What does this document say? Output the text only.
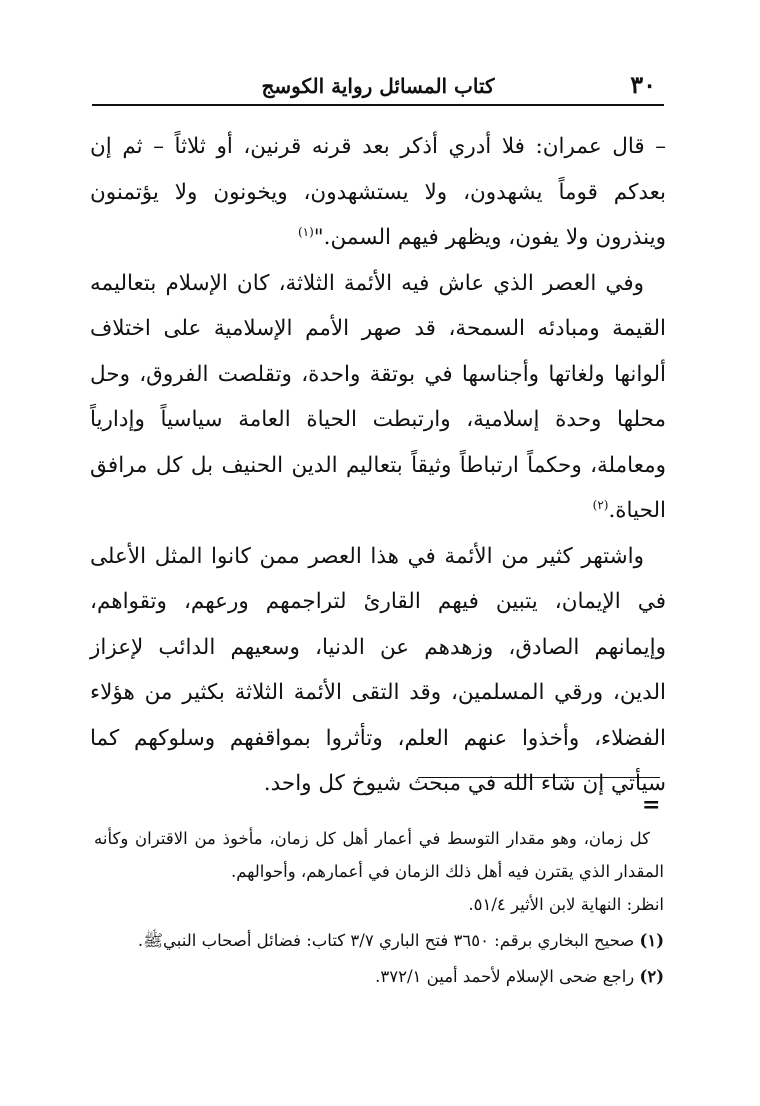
٣٠
كتاب المسائل رواية الكوسج

– قال عمران: فلا أدري أذكر بعد قرنه قرنين، أو ثلاثاً – ثم إن بعدكم قوماً يشهدون، ولا يستشهدون، ويخونون ولا يؤتمنون وينذرون ولا يفون، ويظهر فيهم السمن."$^{(١)}$

وفي العصر الذي عاش فيه الأئمة الثلاثة، كان الإسلام بتعاليمه القيمة ومبادئه السمحة، قد صهر الأمم الإسلامية على اختلاف ألوانها ولغاتها وأجناسها في بوتقة واحدة، وتقلصت الفروق، وحل محلها وحدة إسلامية، وارتبطت الحياة العامة سياسياً وإدارياً ومعاملة، وحكماً ارتباطاً وثيقاً بتعاليم الدين الحنيف بل كل مرافق الحياة.$^{(٢)}$

واشتهر كثير من الأئمة في هذا العصر ممن كانوا المثل الأعلى في الإيمان، يتبين فيهم القارئ لتراجمهم ورعهم، وتقواهم، وإيمانهم الصادق، وزهدهم عن الدنيا، وسعيهم الدائب لإعزاز الدين، ورقي المسلمين، وقد التقى الأئمة الثلاثة بكثير من هؤلاء الفضلاء، وأخذوا عنهم العلم، وتأثروا بمواقفهم وسلوكهم كما سيأتي إن شاء الله في مبحث شيوخ كل واحد.

=

كل زمان، وهو مقدار التوسط في أعمار أهل كل زمان، مأخوذ من الاقتران وكأنه المقدار الذي يقترن فيه أهل ذلك الزمان في أعمارهم، وأحوالهم.

انظر: النهاية لابن الأثير ٥١/٤.

(١) صحيح البخاري برقم: ٣٦٥٠ فتح الباري ٣/٧ كتاب: فضائل أصحاب النبيﷺ.

(٢) راجع ضحى الإسلام لأحمد أمين ٣٧٢/١.
